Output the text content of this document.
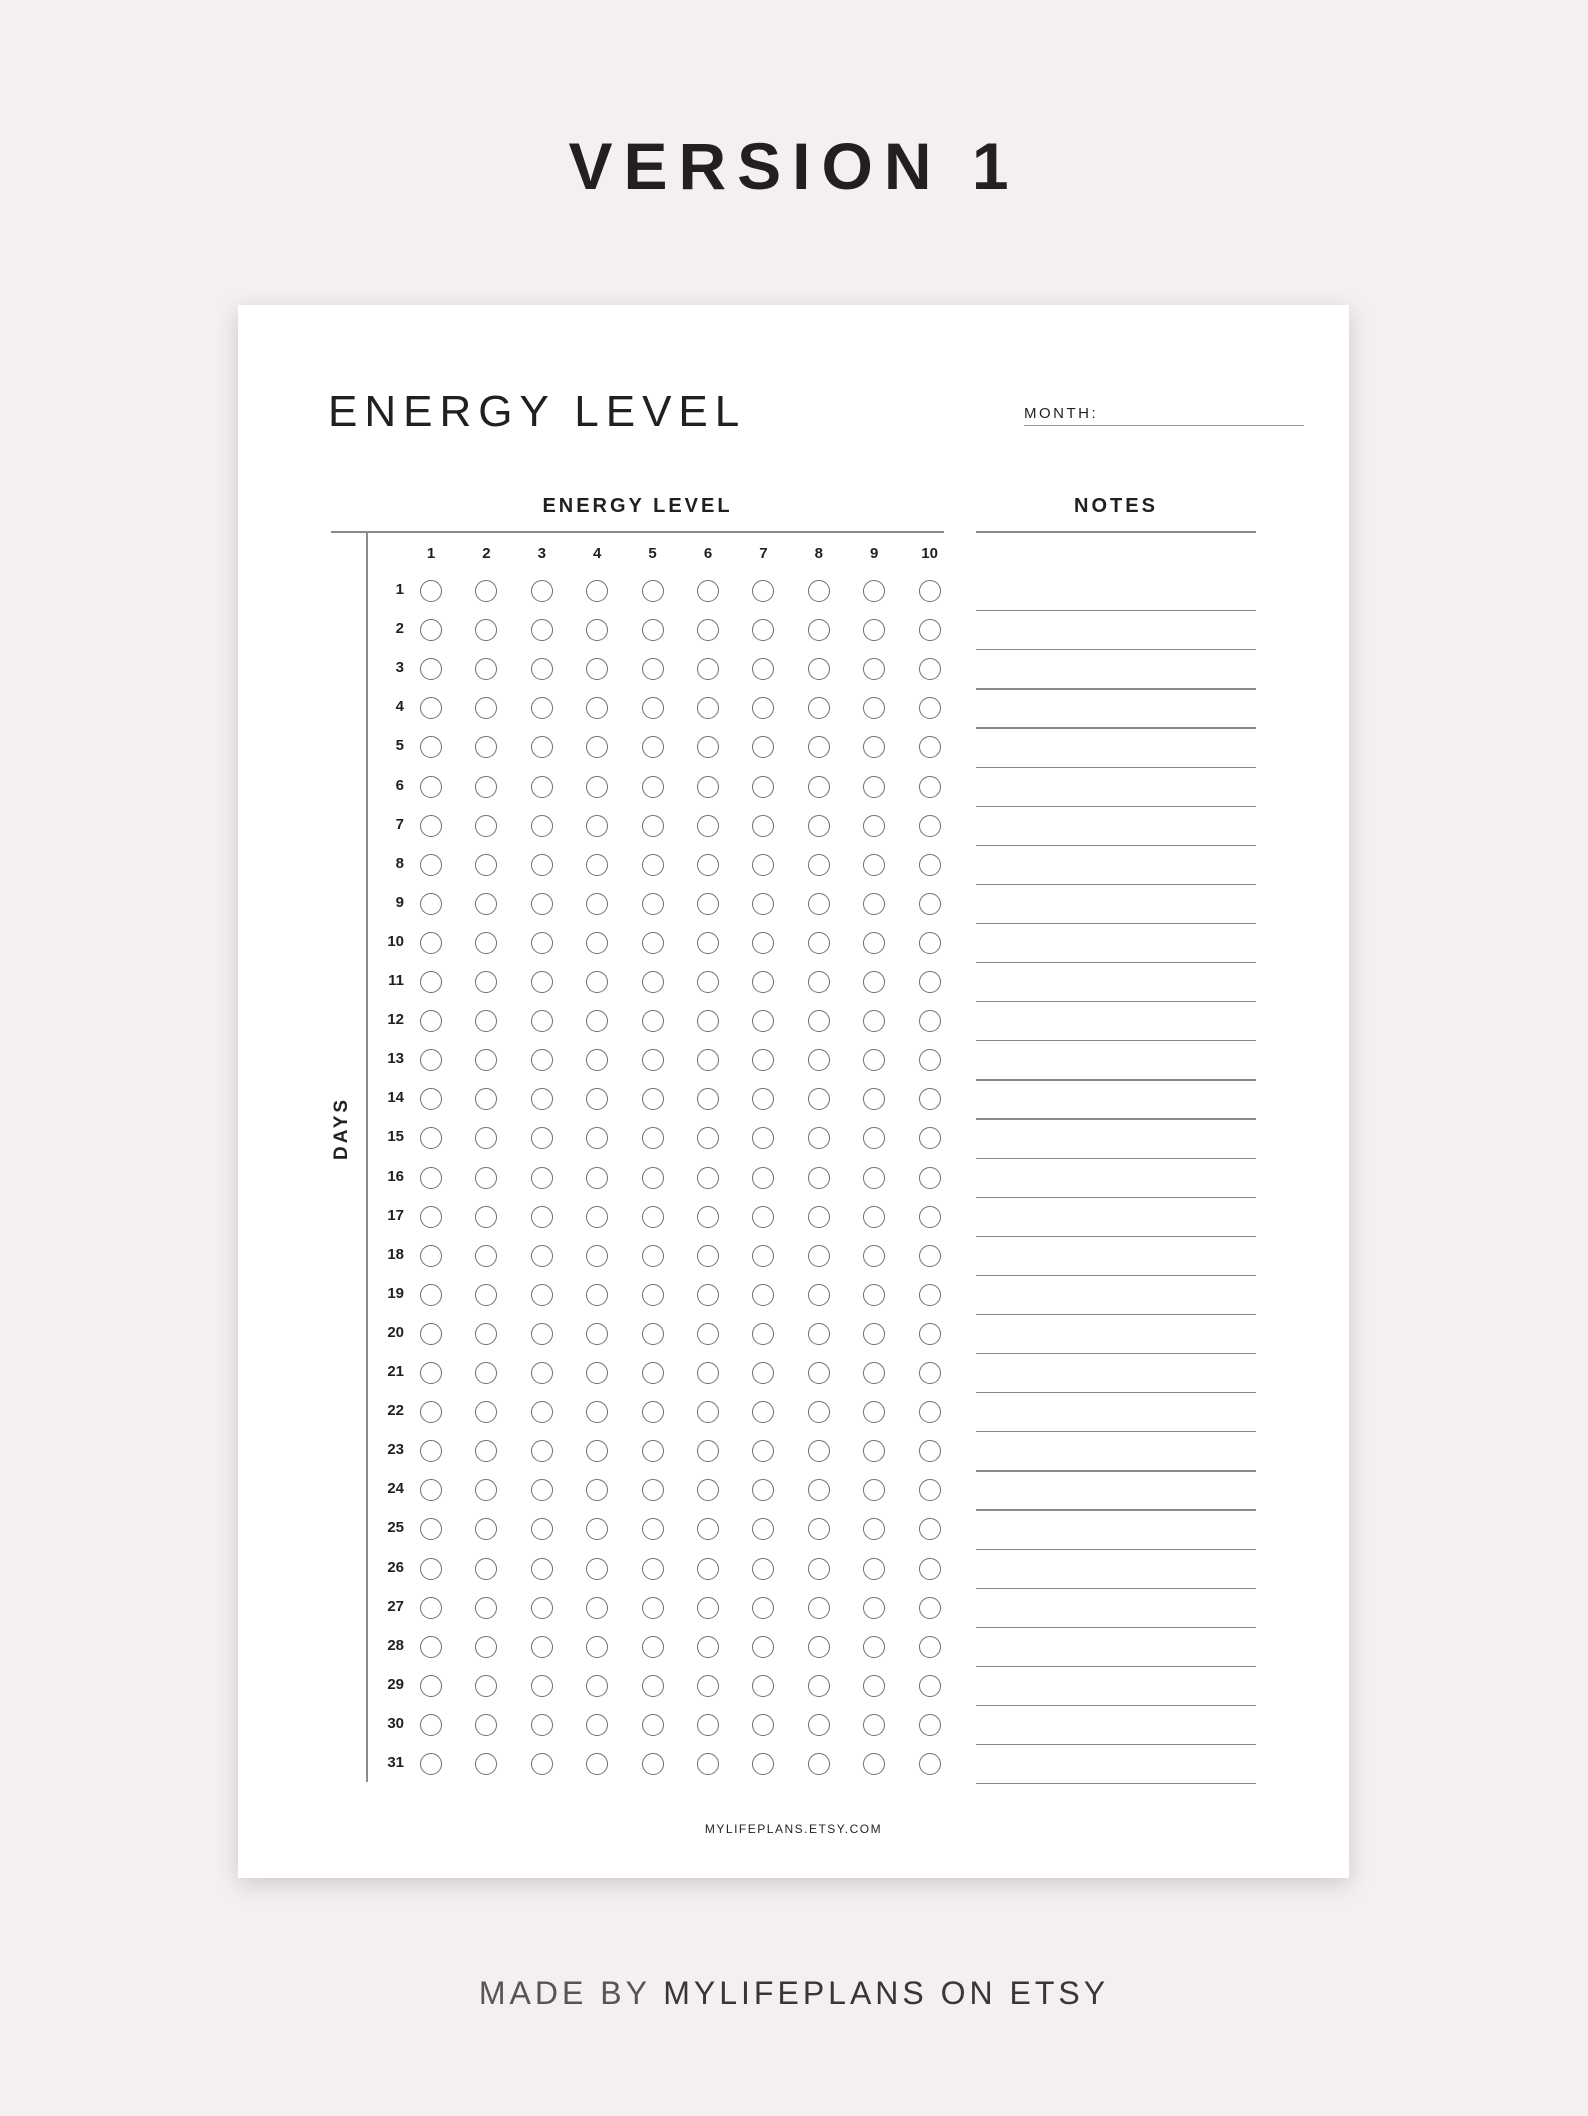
VERSION 1
ENERGY LEVEL	MONTH:
ENERGY LEVEL	NOTES
DAYS
MYLIFEPLANS.ETSY.COM
1	2	3	4	5	6	7	8	9	10
1
2
3
4
5
6
7
8
9
10
11
12
13
14
15
16
17
18
19
20
21
22
23
24
25
26
27
28
29
30
31
MADE BY MYLIFEPLANS ON ETSY
